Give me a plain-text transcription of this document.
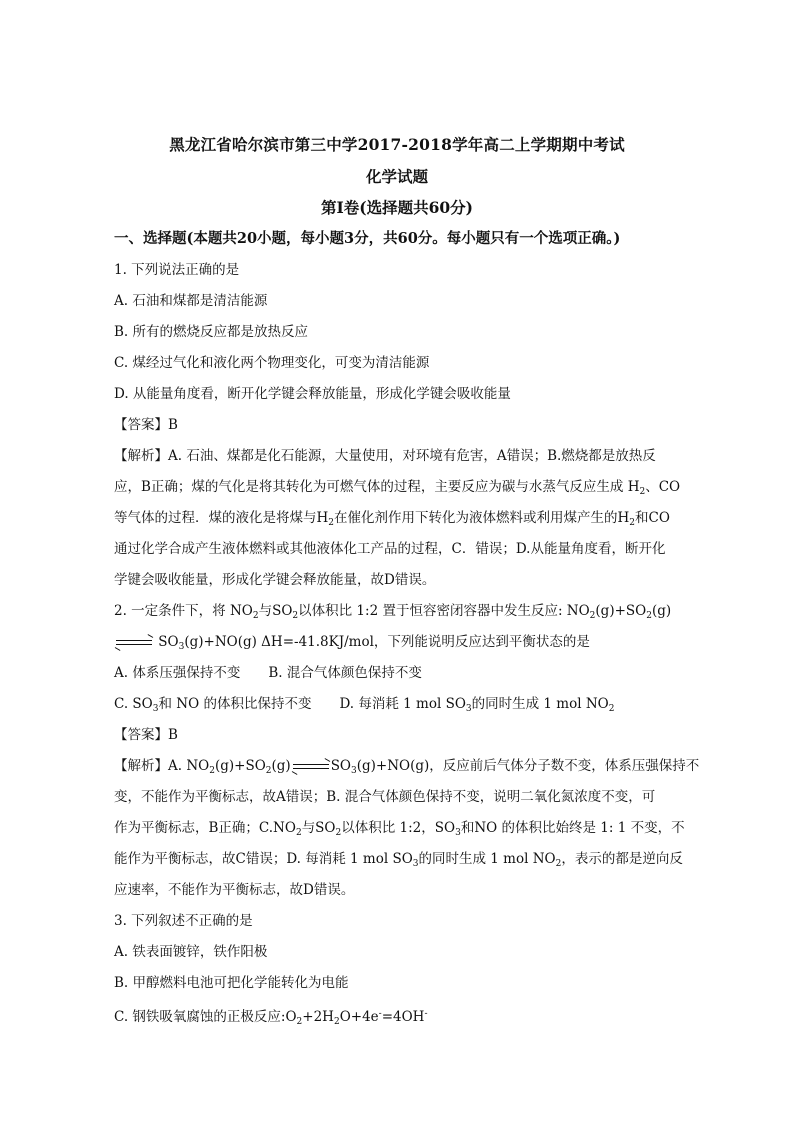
黑龙江省哈尔滨市第三中学2017-2018学年高二上学期期中考试
化学试题
第Ⅰ卷(选择题共60分)
一、选择题(本题共20小题，每小题3分，共60分。每小题只有一个选项正确。)
1. 下列说法正确的是
A. 石油和煤都是清洁能源
B. 所有的燃烧反应都是放热反应
C. 煤经过气化和液化两个物理变化，可变为清洁能源
D. 从能量角度看，断开化学键会释放能量，形成化学键会吸收能量
【答案】B
【解析】A. 石油、煤都是化石能源，大量使用，对环境有危害，A错误；B.燃烧都是放热反
应，B正确；煤的气化是将其转化为可燃气体的过程，主要反应为碳与水蒸气反应生成 $H_2$、CO
等气体的过程．煤的液化是将煤与$H_2$在催化剂作用下转化为液体燃料或利用煤产生的$H_2$和CO
通过化学合成产生液体燃料或其他液体化工产品的过程，C．错误；D.从能量角度看，断开化
学键会吸收能量，形成化学键会释放能量，故D错误。
2. 一定条件下，将 $NO_2$与$SO_2$以体积比 1:2 置于恒容密闭容器中发生反应: $NO_2(g)+SO_2(g)$
$SO_3(g)+NO(g)$ ΔH=-41.8KJ/mol，下列能说明反应达到平衡状态的是
A. 体系压强保持不变 B. 混合气体颜色保持不变
C. $SO_3$和 NO 的体积比保持不变 D. 每消耗 1 mol $SO_3$的同时生成 1 mol $NO_2$
【答案】B
【解析】A. $NO_2(g)+SO_2(g)$	$SO_3(g)+NO(g)$，反应前后气体分子数不变，体系压强保持不
变，不能作为平衡标志，故A错误；B. 混合气体颜色保持不变，说明二氧化氮浓度不变，可
作为平衡标志，B正确；$C.NO_2$与$SO_2$以体积比 1:2，$SO_3$和NO 的体积比始终是 1: 1 不变，不
能作为平衡标志，故C错误；D. 每消耗 1 mol $SO_3$的同时生成 1 mol $NO_2$，表示的都是逆向反
应速率，不能作为平衡标志，故D错误。
3. 下列叙述不正确的是
A. 铁表面镀锌，铁作阳极
B. 甲醇燃料电池可把化学能转化为电能
C. 钢铁吸氧腐蚀的正极反应$:O_2+2H_2O+4e^-=4OH^-$
